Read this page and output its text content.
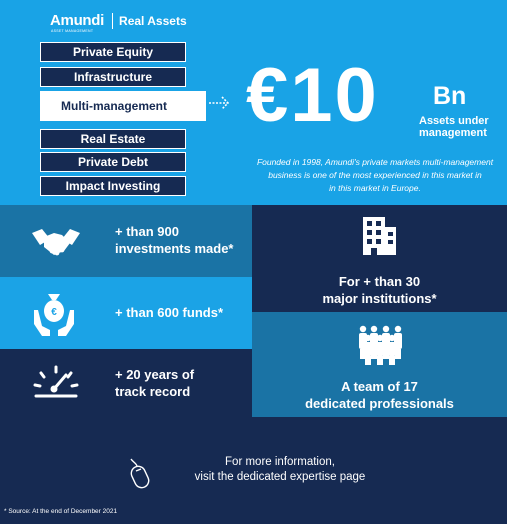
Amundi
ASSET MANAGEMENT
Real Assets
Private Equity
Infrastructure
Multi-management
Real Estate
Private Debt
Impact Investing
€10 Bn
Assets under
management
Founded in 1998, Amundi's private markets multi-management
business is one of the most experienced in this market in
in this market in Europe.
+ than 900
investments made*
€	+ than 600 funds*
+ 20 years of
track record
For + than 30
major institutions*
A team of 17
dedicated professionals
For more information,
visit the dedicated expertise page
* Source: At the end of December 2021
